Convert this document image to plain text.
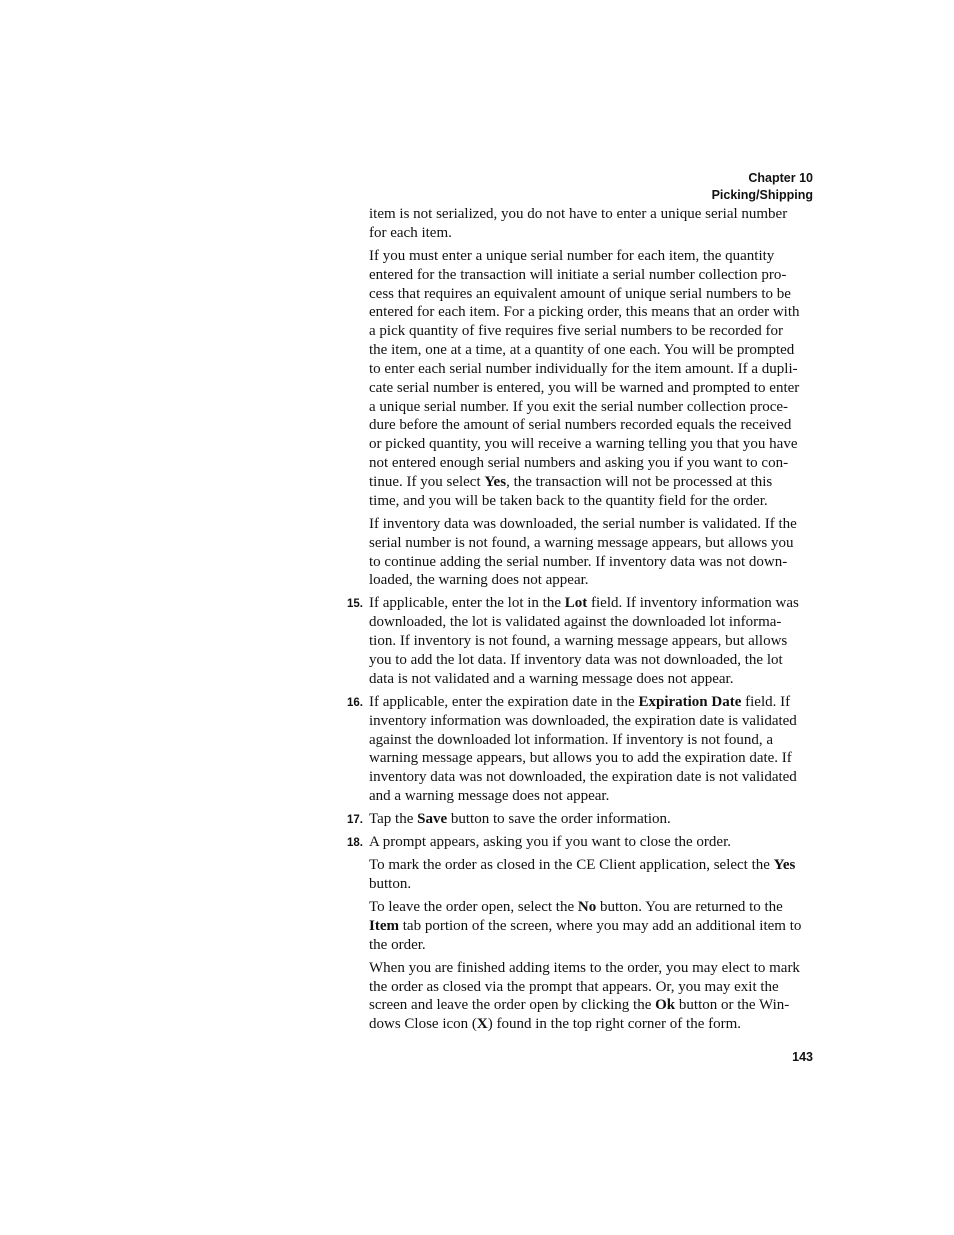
Chapter 10
Picking/Shipping

item is not serialized, you do not have to enter a unique serial number
for each item.

If you must enter a unique serial number for each item, the quantity
entered for the transaction will initiate a serial number collection pro-
cess that requires an equivalent amount of unique serial numbers to be
entered for each item. For a picking order, this means that an order with
a pick quantity of five requires five serial numbers to be recorded for
the item, one at a time, at a quantity of one each. You will be prompted
to enter each serial number individually for the item amount. If a dupli-
cate serial number is entered, you will be warned and prompted to enter
a unique serial number. If you exit the serial number collection proce-
dure before the amount of serial numbers recorded equals the received
or picked quantity, you will receive a warning telling you that you have
not entered enough serial numbers and asking you if you want to con-
tinue. If you select Yes, the transaction will not be processed at this
time, and you will be taken back to the quantity field for the order.

If inventory data was downloaded, the serial number is validated. If the
serial number is not found, a warning message appears, but allows you
to continue adding the serial number. If inventory data was not down-
loaded, the warning does not appear.

15. If applicable, enter the lot in the Lot field. If inventory information was
downloaded, the lot is validated against the downloaded lot informa-
tion. If inventory is not found, a warning message appears, but allows
you to add the lot data. If inventory data was not downloaded, the lot
data is not validated and a warning message does not appear.

16. If applicable, enter the expiration date in the Expiration Date field. If
inventory information was downloaded, the expiration date is validated
against the downloaded lot information. If inventory is not found, a
warning message appears, but allows you to add the expiration date. If
inventory data was not downloaded, the expiration date is not validated
and a warning message does not appear.

17. Tap the Save button to save the order information.

18. A prompt appears, asking you if you want to close the order.

To mark the order as closed in the CE Client application, select the Yes
button.

To leave the order open, select the No button. You are returned to the
Item tab portion of the screen, where you may add an additional item to
the order.

When you are finished adding items to the order, you may elect to mark
the order as closed via the prompt that appears. Or, you may exit the
screen and leave the order open by clicking the Ok button or the Win-
dows Close icon (X) found in the top right corner of the form.

143
